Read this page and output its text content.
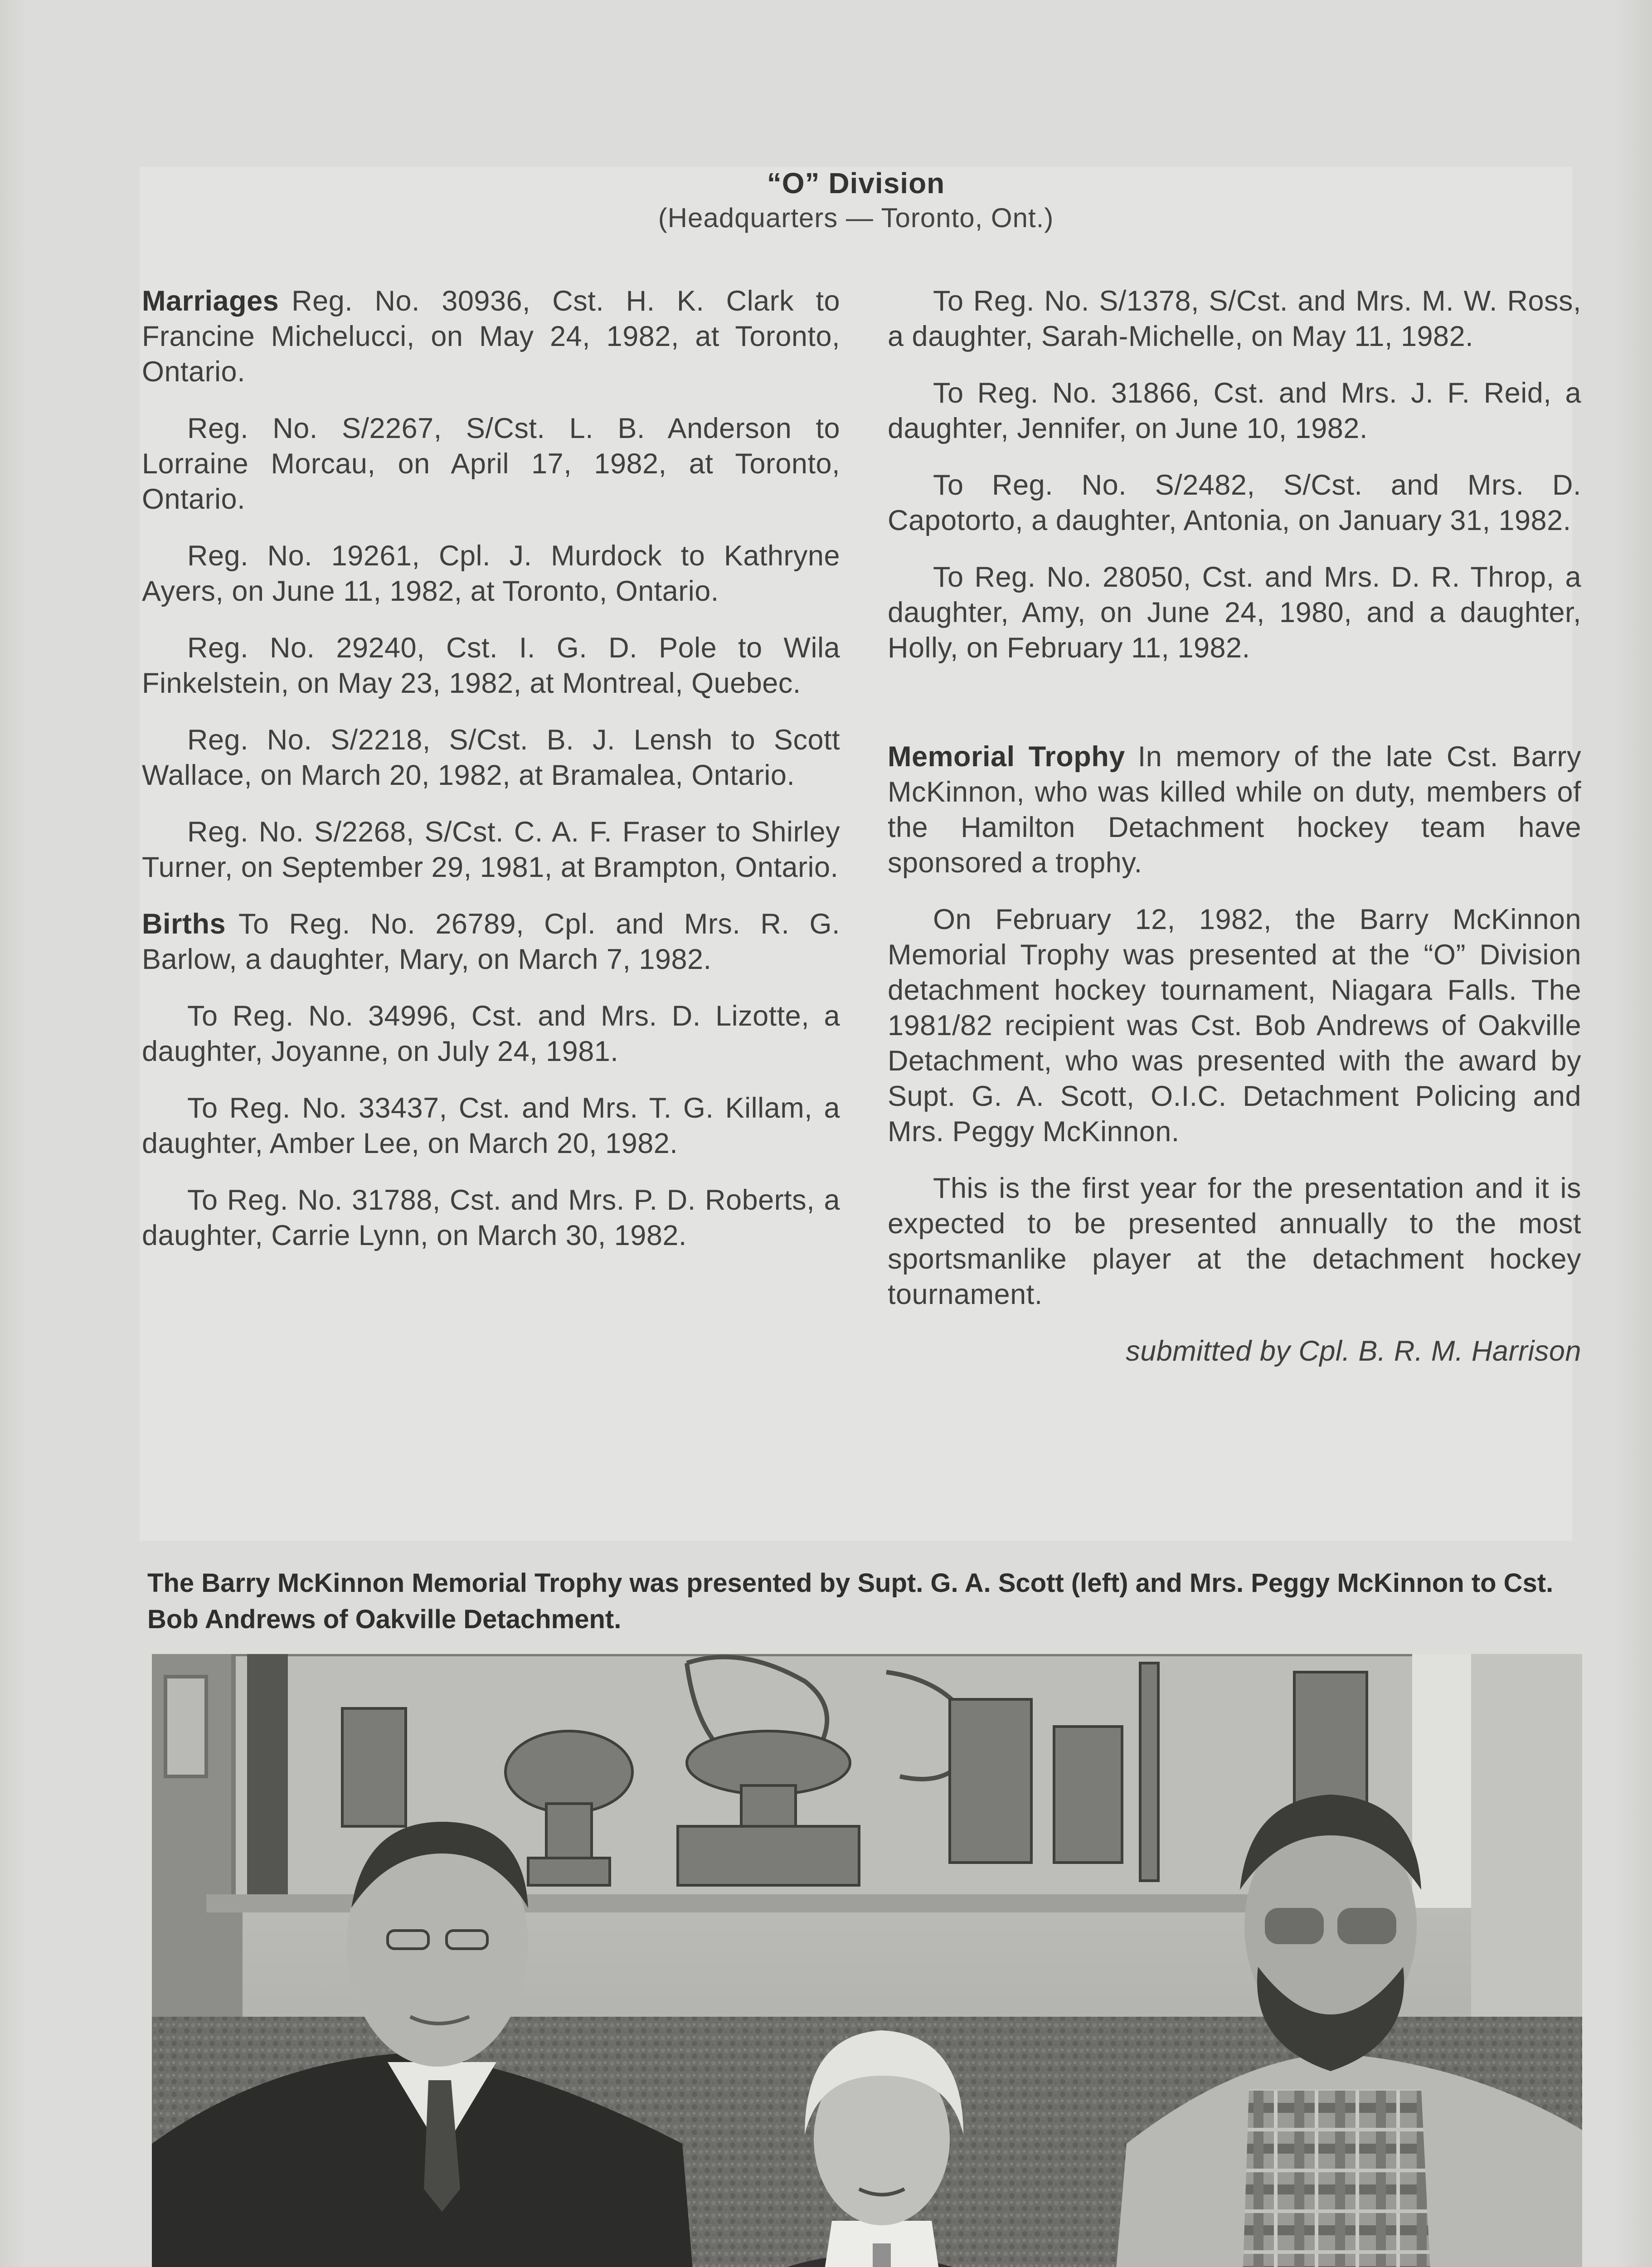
“O” Division
(Headquarters — Toronto, Ont.)

Marriages Reg. No. 30936, Cst. H. K. Clark to Francine Michelucci, on May 24, 1982, at Toronto, Ontario.

Reg. No. S/2267, S/Cst. L. B. Anderson to Lorraine Morcau, on April 17, 1982, at Toronto, Ontario.

Reg. No. 19261, Cpl. J. Murdock to Kathryne Ayers, on June 11, 1982, at Toronto, Ontario.

Reg. No. 29240, Cst. I. G. D. Pole to Wila Finkelstein, on May 23, 1982, at Montreal, Quebec.

Reg. No. S/2218, S/Cst. B. J. Lensh to Scott Wallace, on March 20, 1982, at Bramalea, Ontario.

Reg. No. S/2268, S/Cst. C. A. F. Fraser to Shirley Turner, on September 29, 1981, at Brampton, Ontario.

Births To Reg. No. 26789, Cpl. and Mrs. R. G. Barlow, a daughter, Mary, on March 7, 1982.

To Reg. No. 34996, Cst. and Mrs. D. Lizotte, a daughter, Joyanne, on July 24, 1981.

To Reg. No. 33437, Cst. and Mrs. T. G. Killam, a daughter, Amber Lee, on March 20, 1982.

To Reg. No. 31788, Cst. and Mrs. P. D. Roberts, a daughter, Carrie Lynn, on March 30, 1982.

To Reg. No. S/1378, S/Cst. and Mrs. M. W. Ross, a daughter, Sarah-Michelle, on May 11, 1982.

To Reg. No. 31866, Cst. and Mrs. J. F. Reid, a daughter, Jennifer, on June 10, 1982.

To Reg. No. S/2482, S/Cst. and Mrs. D. Capotorto, a daughter, Antonia, on January 31, 1982.

To Reg. No. 28050, Cst. and Mrs. D. R. Throp, a daughter, Amy, on June 24, 1980, and a daughter, Holly, on February 11, 1982.

Memorial Trophy In memory of the late Cst. Barry McKinnon, who was killed while on duty, members of the Hamilton Detachment hockey team have sponsored a trophy.

On February 12, 1982, the Barry McKinnon Memorial Trophy was presented at the “O” Division detachment hockey tournament, Niagara Falls. The 1981/82 recipient was Cst. Bob Andrews of Oakville Detachment, who was presented with the award by Supt. G. A. Scott, O.I.C. Detachment Policing and Mrs. Peggy McKinnon.

This is the first year for the presentation and it is expected to be presented annually to the most sportsmanlike player at the detachment hockey tournament.

submitted by Cpl. B. R. M. Harrison

The Barry McKinnon Memorial Trophy was presented by Supt. G. A. Scott (left) and Mrs. Peggy McKinnon to Cst. Bob Andrews of Oakville Detachment.
